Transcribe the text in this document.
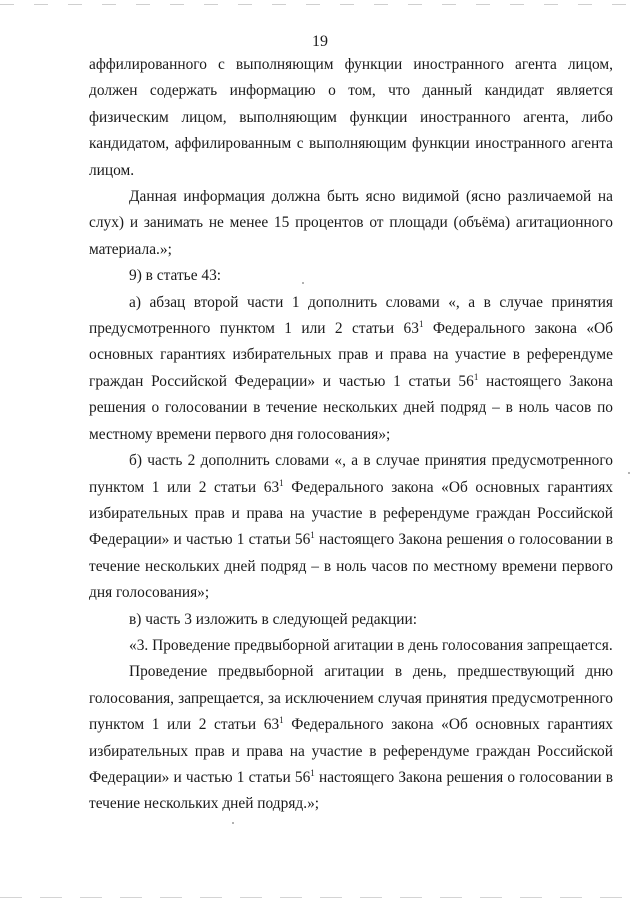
19

аффилированного с выполняющим функции иностранного агента лицом, должен содержать информацию о том, что данный кандидат является физическим лицом, выполняющим функции иностранного агента, либо кандидатом, аффилированным с выполняющим функции иностранного агента лицом.

Данная информация должна быть ясно видимой (ясно различаемой на слух) и занимать не менее 15 процентов от площади (объёма) агитационного материала.»;

9) в статье 43:

а) абзац второй части 1 дополнить словами «, а в случае принятия предусмотренного пунктом 1 или 2 статьи $63^1$ Федерального закона «Об основных гарантиях избирательных прав и права на участие в референдуме граждан Российской Федерации» и частью 1 статьи $56^1$ настоящего Закона решения о голосовании в течение нескольких дней подряд – в ноль часов по местному времени первого дня голосования»;

б) часть 2 дополнить словами «, а в случае принятия предусмотренного пунктом 1 или 2 статьи $63^1$ Федерального закона «Об основных гарантиях избирательных прав и права на участие в референдуме граждан Российской Федерации» и частью 1 статьи $56^1$ настоящего Закона решения о голосовании в течение нескольких дней подряд – в ноль часов по местному времени первого дня голосования»;

в) часть 3 изложить в следующей редакции:

«3. Проведение предвыборной агитации в день голосования запрещается.

Проведение предвыборной агитации в день, предшествующий дню голосования, запрещается, за исключением случая принятия предусмотренного пунктом 1 или 2 статьи $63^1$ Федерального закона «Об основных гарантиях избирательных прав и права на участие в референдуме граждан Российской Федерации» и частью 1 статьи $56^1$ настоящего Закона решения о голосовании в течение нескольких дней подряд.»;
